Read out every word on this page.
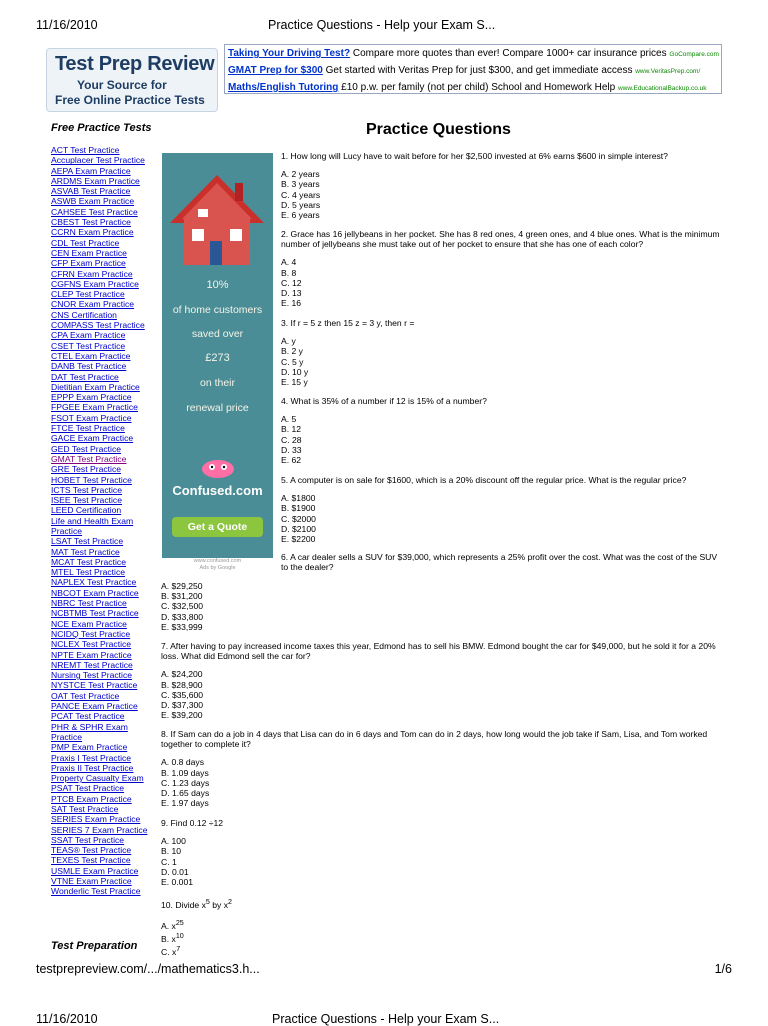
11/16/2010	Practice Questions - Help your Exam S...
Test Prep Review
Your Source for
Free Online Practice Tests
Taking Your Driving Test? Compare more quotes than ever! Compare 1000+ car insurance prices GoCompare.com
GMAT Prep for $300 Get started with Veritas Prep for just $300, and get immediate access www.VeritasPrep.com/
Maths/English Tutoring £10 p.w. per family (not per child) School and Homework Help www.EducationalBackup.co.uk
Free Practice Tests
ACT Test Practice
Accuplacer Test Practice
AEPA Exam Practice
ARDMS Exam Practice
ASVAB Test Practice
ASWB Exam Practice
CAHSEE Test Practice
CBEST Test Practice
CCRN Exam Practice
CDL Test Practice
CEN Exam Practice
CFP Exam Practice
CFRN Exam Practice
CGFNS Exam Practice
CLEP Test Practice
CNOR Exam Practice
CNS Certification
COMPASS Test Practice
CPA Exam Practice
CSET Test Practice
CTEL Exam Practice
DANB Test Practice
DAT Test Practice
Dietitian Exam Practice
EPPP Exam Practice
FPGEE Exam Practice
FSOT Exam Practice
FTCE Test Practice
GACE Exam Practice
GED Test Practice
GMAT Test Practice
GRE Test Practice
HOBET Test Practice
ICTS Test Practice
ISEE Test Practice
LEED Certification
Life and Health Exam Practice
LSAT Test Practice
MAT Test Practice
MCAT Test Practice
MTEL Test Practice
NAPLEX Test Practice
NBCOT Exam Practice
NBRC Test Practice
NCBTMB Test Practice
NCE Exam Practice
NCIDQ Test Practice
NCLEX Test Practice
NPTE Exam Practice
NREMT Test Practice
Nursing Test Practice
NYSTCE Test Practice
OAT Test Practice
PANCE Exam Practice
PCAT Test Practice
PHR & SPHR Exam Practice
PMP Exam Practice
Praxis I Test Practice
Praxis II Test Practice
Property Casualty Exam
PSAT Test Practice
PTCB Exam Practice
SAT Test Practice
SERIES Exam Practice
SERIES 7 Exam Practice
SSAT Test Practice
TEAS® Test Practice
TEXES Test Practice
USMLE Exam Practice
VTNE Exam Practice
Wonderlic Test Practice
Test Preparation
10%
of home customers
saved over
£273
on their
renewal price
Confused.com
Get a Quote
www.confused.com
Ads by Google
Practice Questions

1. How long will Lucy have to wait before for her $2,500 invested at 6% earns $600 in simple interest?

A. 2 years
B. 3 years
C. 4 years
D. 5 years
E. 6 years

2. Grace has 16 jellybeans in her pocket. She has 8 red ones, 4 green ones, and 4 blue ones. What is the minimum number of jellybeans she must take out of her pocket to ensure that she has one of each color?

A. 4
B. 8
C. 12
D. 13
E. 16

3. If r = 5 z then 15 z = 3 y, then r =

A. y
B. 2 y
C. 5 y
D. 10 y
E. 15 y

4. What is 35% of a number if 12 is 15% of a number?

A. 5
B. 12
C. 28
D. 33
E. 62

5. A computer is on sale for $1600, which is a 20% discount off the regular price. What is the regular price?

A. $1800
B. $1900
C. $2000
D. $2100
E. $2200

6. A car dealer sells a SUV for $39,000, which represents a 25% profit over the cost. What was the cost of the SUV to the dealer?

A. $29,250
B. $31,200
C. $32,500
D. $33,800
E. $33,999

7. After having to pay increased income taxes this year, Edmond has to sell his BMW. Edmond bought the car for $49,000, but he sold it for a 20% loss. What did Edmond sell the car for?

A. $24,200
B. $28,900
C. $35,600
D. $37,300
E. $39,200

8. If Sam can do a job in 4 days that Lisa can do in 6 days and Tom can do in 2 days, how long would the job take if Sam, Lisa, and Tom worked together to complete it?

A. 0.8 days
B. 1.09 days
C. 1.23 days
D. 1.65 days
E. 1.97 days

9. Find 0.12 ÷12

A. 100
B. 10
C. 1
D. 0.01
E. 0.001

10. Divide $x^5$ by $x^2$

A. $x^{25}$
B. $x^{10}$
C. $x^7$
testprepreview.com/.../mathematics3.h...	1/6
11/16/2010	Practice Questions - Help your Exam S...
